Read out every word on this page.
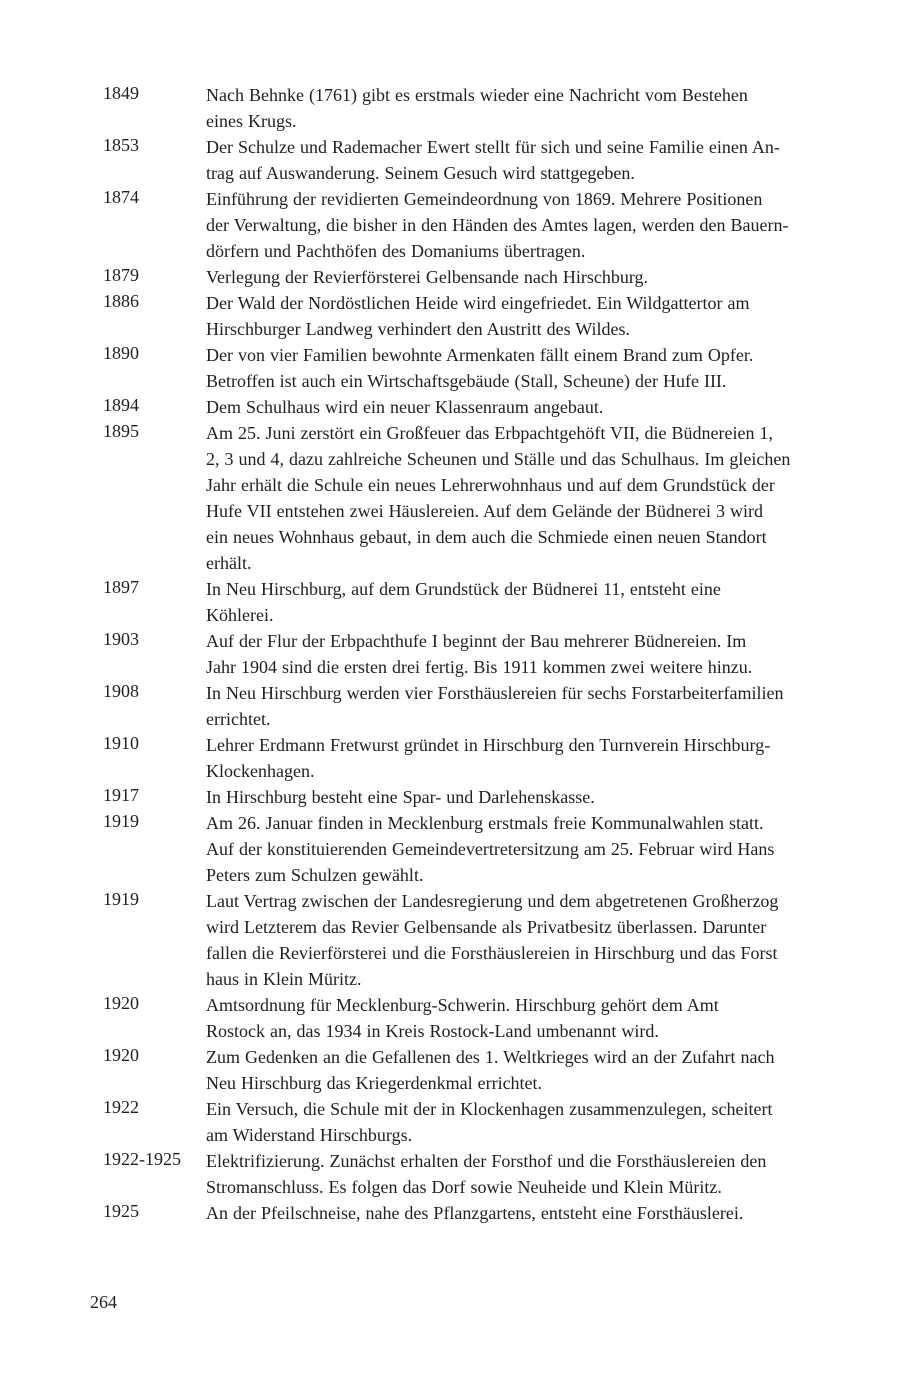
1849	Nach Behnke (1761) gibt es erstmals wieder eine Nachricht vom Bestehen
eines Krugs.
1853	Der Schulze und Rademacher Ewert stellt für sich und seine Familie einen An-
trag auf Auswanderung. Seinem Gesuch wird stattgegeben.
1874	Einführung der revidierten Gemeindeordnung von 1869. Mehrere Positionen
der Verwaltung, die bisher in den Händen des Amtes lagen, werden den Bauern-
dörfern und Pachthöfen des Domaniums übertragen.
1879	Verlegung der Revierförsterei Gelbensande nach Hirschburg.
1886	Der Wald der Nordöstlichen Heide wird eingefriedet. Ein Wildgattertor am
Hirschburger Landweg verhindert den Austritt des Wildes.
1890	Der von vier Familien bewohnte Armenkaten fällt einem Brand zum Opfer.
Betroffen ist auch ein Wirtschaftsgebäude (Stall, Scheune) der Hufe III.
1894	Dem Schulhaus wird ein neuer Klassenraum angebaut.
1895	Am 25. Juni zerstört ein Großfeuer das Erbpachtgehöft VII, die Büdnereien 1,
2, 3 und 4, dazu zahlreiche Scheunen und Ställe und das Schulhaus. Im gleichen
Jahr erhält die Schule ein neues Lehrerwohnhaus und auf dem Grundstück der
Hufe VII entstehen zwei Häuslereien. Auf dem Gelände der Büdnerei 3 wird
ein neues Wohnhaus gebaut, in dem auch die Schmiede einen neuen Standort
erhält.
1897	In Neu Hirschburg, auf dem Grundstück der Büdnerei 11, entsteht eine
Köhlerei.
1903	Auf der Flur der Erbpachthufe I beginnt der Bau mehrerer Büdnereien. Im
Jahr 1904 sind die ersten drei fertig. Bis 1911 kommen zwei weitere hinzu.
1908	In Neu Hirschburg werden vier Forsthäuslereien für sechs Forstarbeiterfamilien
errichtet.
1910	Lehrer Erdmann Fretwurst gründet in Hirschburg den Turnverein Hirschburg-
Klockenhagen.
1917	In Hirschburg besteht eine Spar- und Darlehenskasse.
1919	Am 26. Januar finden in Mecklenburg erstmals freie Kommunalwahlen statt.
Auf der konstituierenden Gemeindevertretersitzung am 25. Februar wird Hans
Peters zum Schulzen gewählt.
1919	Laut Vertrag zwischen der Landesregierung und dem abgetretenen Großherzog
wird Letzterem das Revier Gelbensande als Privatbesitz überlassen. Darunter
fallen die Revierförsterei und die Forsthäuslereien in Hirschburg und das Forst
haus in Klein Müritz.
1920	Amtsordnung für Mecklenburg-Schwerin. Hirschburg gehört dem Amt
Rostock an, das 1934 in Kreis Rostock-Land umbenannt wird.
1920	Zum Gedenken an die Gefallenen des 1. Weltkrieges wird an der Zufahrt nach
Neu Hirschburg das Kriegerdenkmal errichtet.
1922	Ein Versuch, die Schule mit der in Klockenhagen zusammenzulegen, scheitert
am Widerstand Hirschburgs.
1922-1925	Elektrifizierung. Zunächst erhalten der Forsthof und die Forsthäuslereien den
Stromanschluss. Es folgen das Dorf sowie Neuheide und Klein Müritz.
1925	An der Pfeilschneise, nahe des Pflanzgartens, entsteht eine Forsthäuslerei.
264
